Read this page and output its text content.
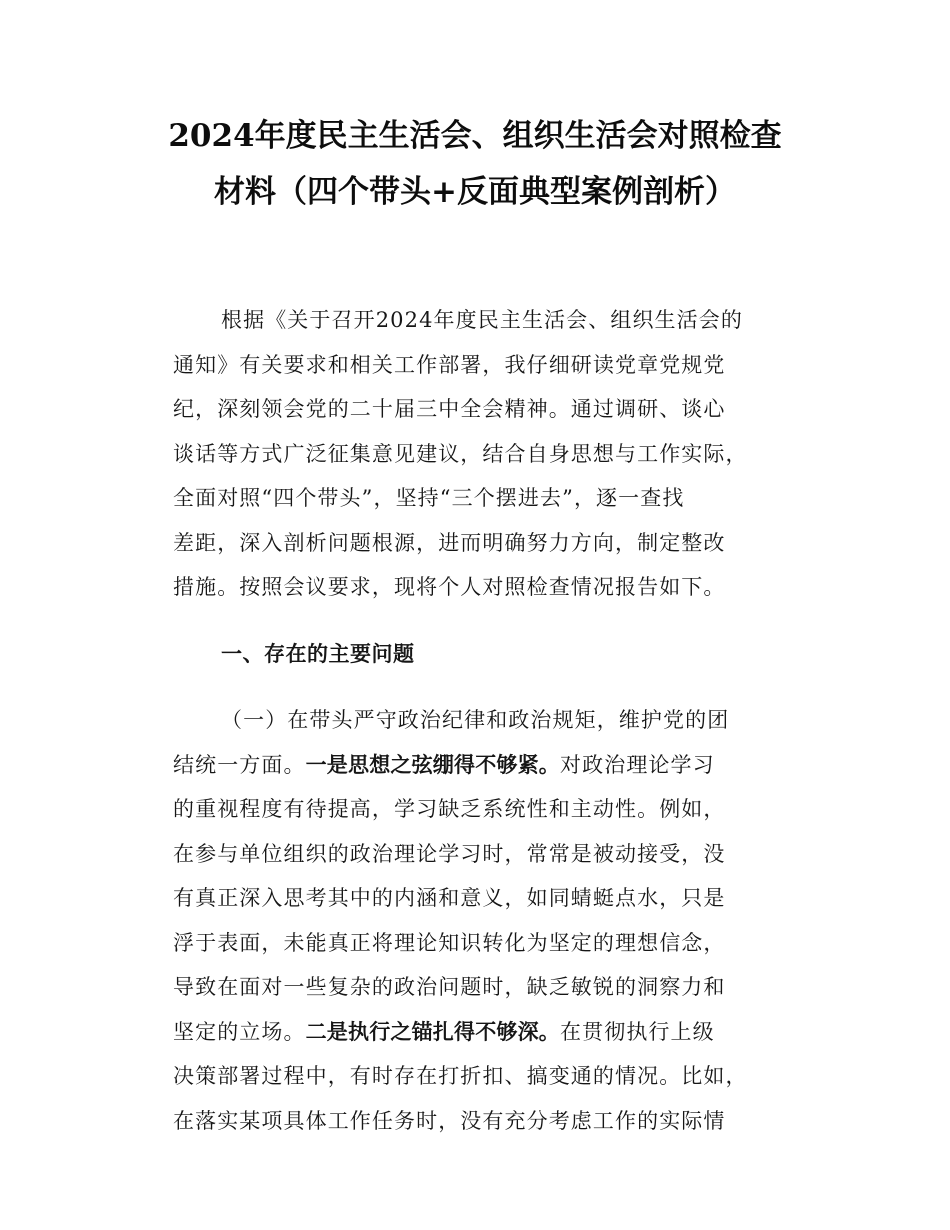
2024年度民主生活会、组织生活会对照检查
材料（四个带头+反面典型案例剖析）
根据《关于召开2024年度民主生活会、组织生活会的
通知》有关要求和相关工作部署，我仔细研读党章党规党
纪，深刻领会党的二十届三中全会精神。通过调研、谈心
谈话等方式广泛征集意见建议，结合自身思想与工作实际，
全面对照“四个带头”，坚持“三个摆进去”，逐一查找
差距，深入剖析问题根源，进而明确努力方向，制定整改
措施。按照会议要求，现将个人对照检查情况报告如下。
一、存在的主要问题
（一）在带头严守政治纪律和政治规矩，维护党的团
结统一方面。一是思想之弦绷得不够紧。对政治理论学习
的重视程度有待提高，学习缺乏系统性和主动性。例如，
在参与单位组织的政治理论学习时，常常是被动接受，没
有真正深入思考其中的内涵和意义，如同蜻蜓点水，只是
浮于表面，未能真正将理论知识转化为坚定的理想信念，
导致在面对一些复杂的政治问题时，缺乏敏锐的洞察力和
坚定的立场。二是执行之锚扎得不够深。在贯彻执行上级
决策部署过程中，有时存在打折扣、搞变通的情况。比如，
在落实某项具体工作任务时，没有充分考虑工作的实际情
